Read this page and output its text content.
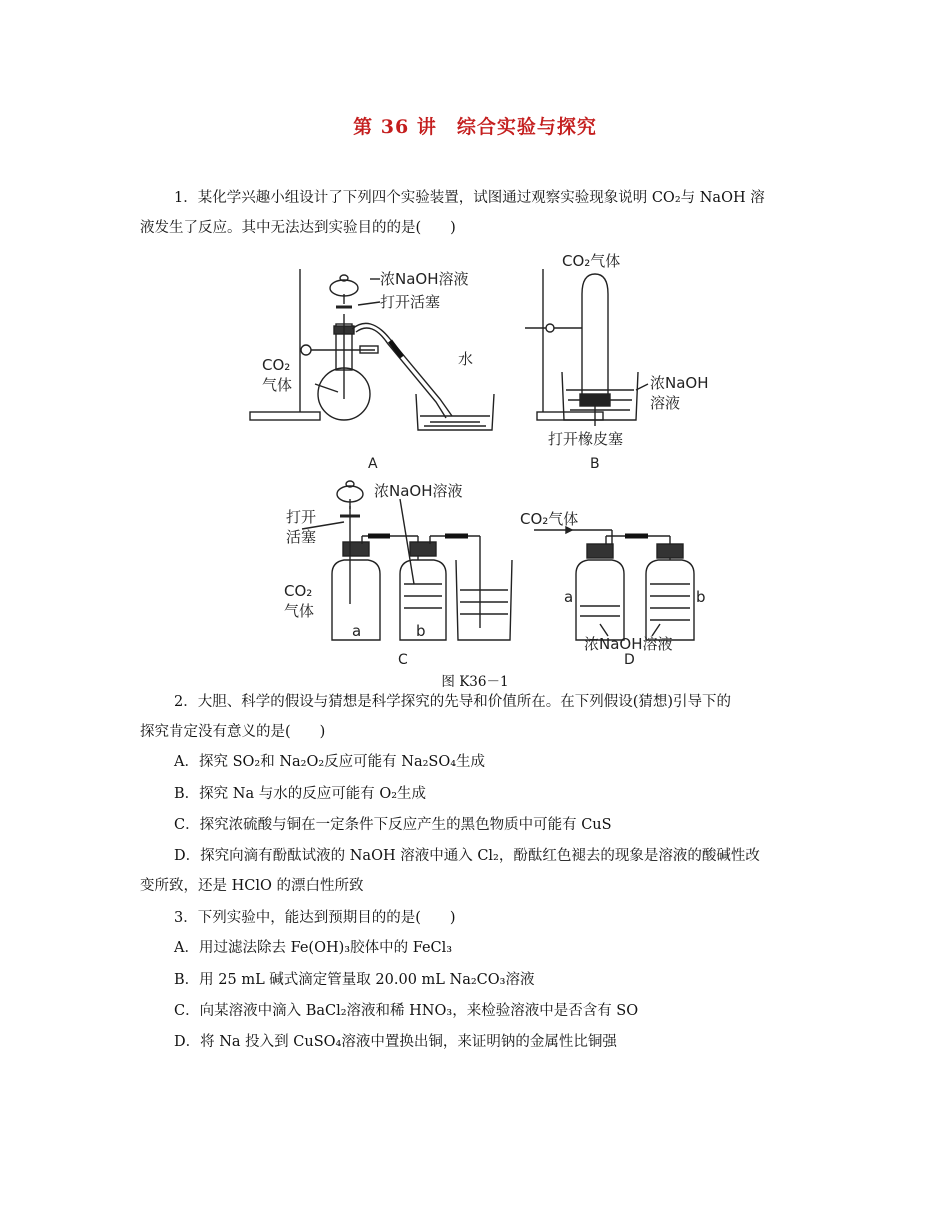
第 36 讲　综合实验与探究
1．某化学兴趣小组设计了下列四个实验装置，试图通过观察实验现象说明 CO₂与 NaOH 溶
液发生了反应。其中无法达到实验目的的是(　　)
浓NaOH溶液
打开活塞
水
CO₂
气体
A
CO₂气体
浓NaOH
溶液
打开橡皮塞
B
浓NaOH溶液
打开
活塞
CO₂
气体
a	b
C
CO₂气体
a	b
浓NaOH溶液
D
图 K36－1
2．大胆、科学的假设与猜想是科学探究的先导和价值所在。在下列假设(猜想)引导下的
探究肯定没有意义的是(　　)
A．探究 SO₂和 Na₂O₂反应可能有 Na₂SO₄生成
B．探究 Na 与水的反应可能有 O₂生成
C．探究浓硫酸与铜在一定条件下反应产生的黑色物质中可能有 CuS
D．探究向滴有酚酞试液的 NaOH 溶液中通入 Cl₂，酚酞红色褪去的现象是溶液的酸碱性改
变所致，还是 HClO 的漂白性所致
3．下列实验中，能达到预期目的的是(　　)
A．用过滤法除去 Fe(OH)₃胶体中的 FeCl₃
B．用 25 mL 碱式滴定管量取 20.00 mL Na₂CO₃溶液
C．向某溶液中滴入 BaCl₂溶液和稀 HNO₃，来检验溶液中是否含有 SO
D．将 Na 投入到 CuSO₄溶液中置换出铜，来证明钠的金属性比铜强
